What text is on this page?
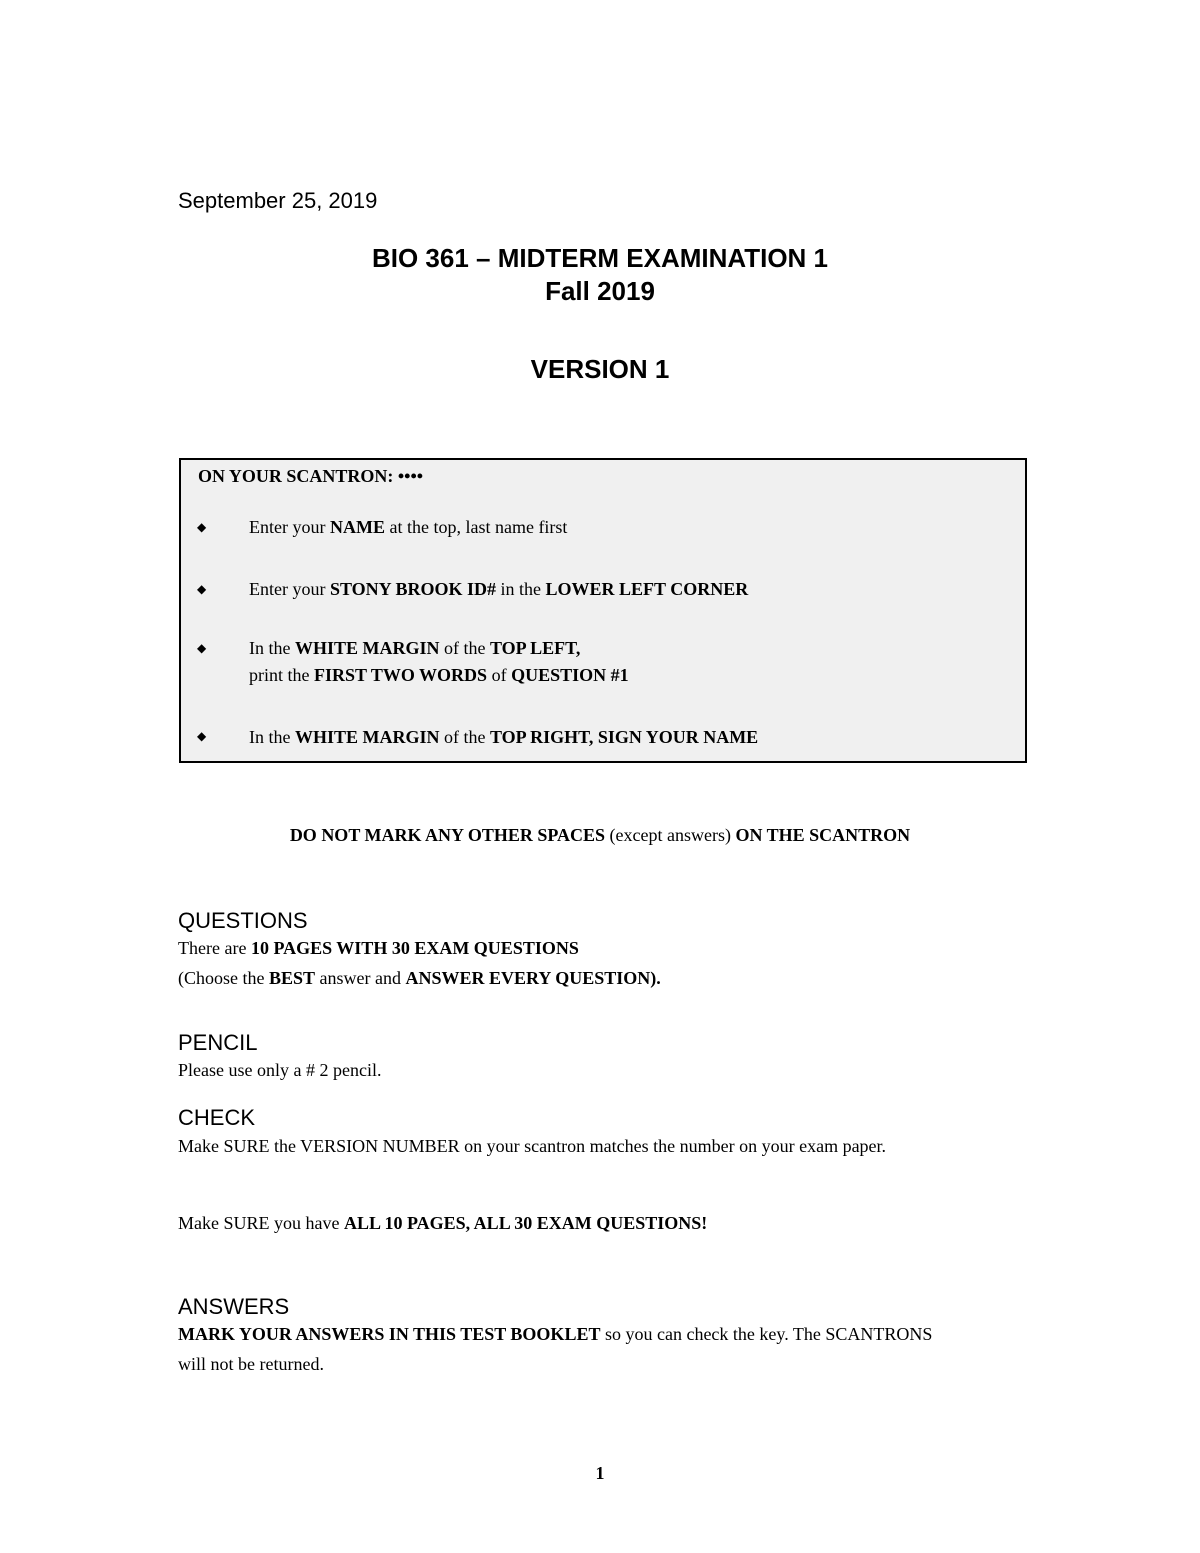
September 25, 2019
BIO 361 – MIDTERM EXAMINATION 1
Fall 2019
VERSION 1
ON YOUR SCANTRON: ••••
◆ Enter your NAME at the top, last name first
◆ Enter your STONY BROOK ID# in the LOWER LEFT CORNER
◆ In the WHITE MARGIN of the TOP LEFT,
print the FIRST TWO WORDS of QUESTION #1
◆ In the WHITE MARGIN of the TOP RIGHT, SIGN YOUR NAME
DO NOT MARK ANY OTHER SPACES (except answers) ON THE SCANTRON
QUESTIONS
There are 10 PAGES WITH 30 EXAM QUESTIONS
(Choose the BEST answer and ANSWER EVERY QUESTION).
PENCIL
Please use only a # 2 pencil.
CHECK
Make SURE the VERSION NUMBER on your scantron matches the number on your exam paper.
Make SURE you have ALL 10 PAGES, ALL 30 EXAM QUESTIONS!
ANSWERS
MARK YOUR ANSWERS IN THIS TEST BOOKLET so you can check the key. The SCANTRONS will not be returned.
1
